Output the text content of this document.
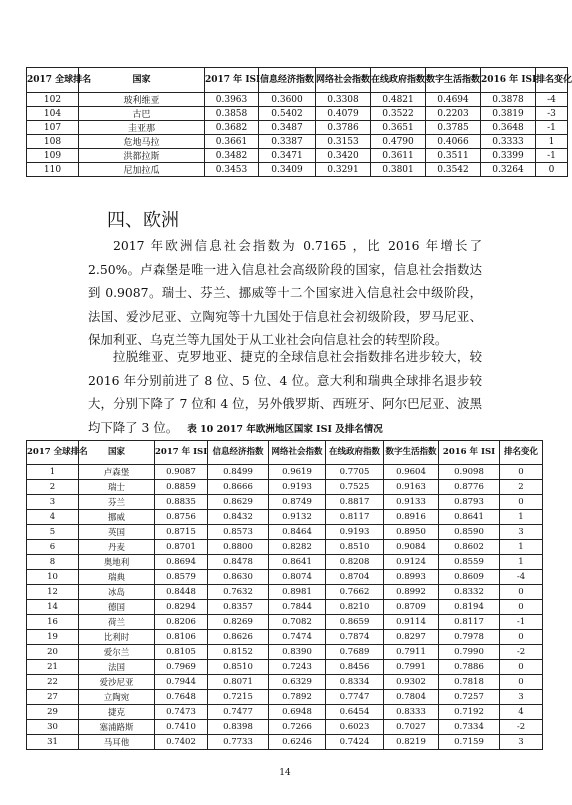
2017 全球排名	国家	2017 年 ISI	信息经济指数	网络社会指数	在线政府指数	数字生活指数	2016 年 ISI	排名变化
102	玻利维亚	0.3963	0.3600	0.3308	0.4821	0.4694	0.3878	-4
104	古巴	0.3858	0.5402	0.4079	0.3522	0.2203	0.3819	-3
107	圭亚那	0.3682	0.3487	0.3786	0.3651	0.3785	0.3648	-1
108	危地马拉	0.3661	0.3387	0.3153	0.4790	0.4066	0.3333	1
109	洪都拉斯	0.3482	0.3471	0.3420	0.3611	0.3511	0.3399	-1
110	尼加拉瓜	0.3453	0.3409	0.3291	0.3801	0.3542	0.3264	0
四、欧洲

2017 年欧洲信息社会指数为 0.7165 ，比 2016 年增长了 2.50%。卢森堡是唯一进入信息社会高级阶段的国家，信息社会指数达到 0.9087。瑞士、芬兰、挪威等十二个国家进入信息社会中级阶段，法国、爱沙尼亚、立陶宛等十九国处于信息社会初级阶段，罗马尼亚、保加利亚、乌克兰等九国处于从工业社会向信息社会的转型阶段。

拉脱维亚、克罗地亚、捷克的全球信息社会指数排名进步较大，较 2016 年分别前进了 8 位、5 位、4 位。意大利和瑞典全球排名退步较大，分别下降了 7 位和 4 位，另外俄罗斯、西班牙、阿尔巴尼亚、波黑均下降了 3 位。 表 10 2017 年欧洲地区国家 ISI 及排名情况

2017 全球排名	国家	2017 年 ISI	信息经济指数	网络社会指数	在线政府指数	数字生活指数	2016 年 ISI	排名变化
1	卢森堡	0.9087	0.8499	0.9619	0.7705	0.9604	0.9098	0
2	瑞士	0.8859	0.8666	0.9193	0.7525	0.9163	0.8776	2
3	芬兰	0.8835	0.8629	0.8749	0.8817	0.9133	0.8793	0
4	挪威	0.8756	0.8432	0.9132	0.8117	0.8916	0.8641	1
5	英国	0.8715	0.8573	0.8464	0.9193	0.8950	0.8590	3
6	丹麦	0.8701	0.8800	0.8282	0.8510	0.9084	0.8602	1
8	奥地利	0.8694	0.8478	0.8641	0.8208	0.9124	0.8559	1
10	瑞典	0.8579	0.8630	0.8074	0.8704	0.8993	0.8609	-4
12	冰岛	0.8448	0.7632	0.8981	0.7662	0.8992	0.8332	0
14	德国	0.8294	0.8357	0.7844	0.8210	0.8709	0.8194	0
16	荷兰	0.8206	0.8269	0.7082	0.8659	0.9114	0.8117	-1
19	比利时	0.8106	0.8626	0.7474	0.7874	0.8297	0.7978	0
20	爱尔兰	0.8105	0.8152	0.8390	0.7689	0.7911	0.7990	-2
21	法国	0.7969	0.8510	0.7243	0.8456	0.7991	0.7886	0
22	爱沙尼亚	0.7944	0.8071	0.6329	0.8334	0.9302	0.7818	0
27	立陶宛	0.7648	0.7215	0.7892	0.7747	0.7804	0.7257	3
29	捷克	0.7473	0.7477	0.6948	0.6454	0.8333	0.7192	4
30	塞浦路斯	0.7410	0.8398	0.7266	0.6023	0.7027	0.7334	-2
31	马耳他	0.7402	0.7733	0.6246	0.7424	0.8219	0.7159	3

14
